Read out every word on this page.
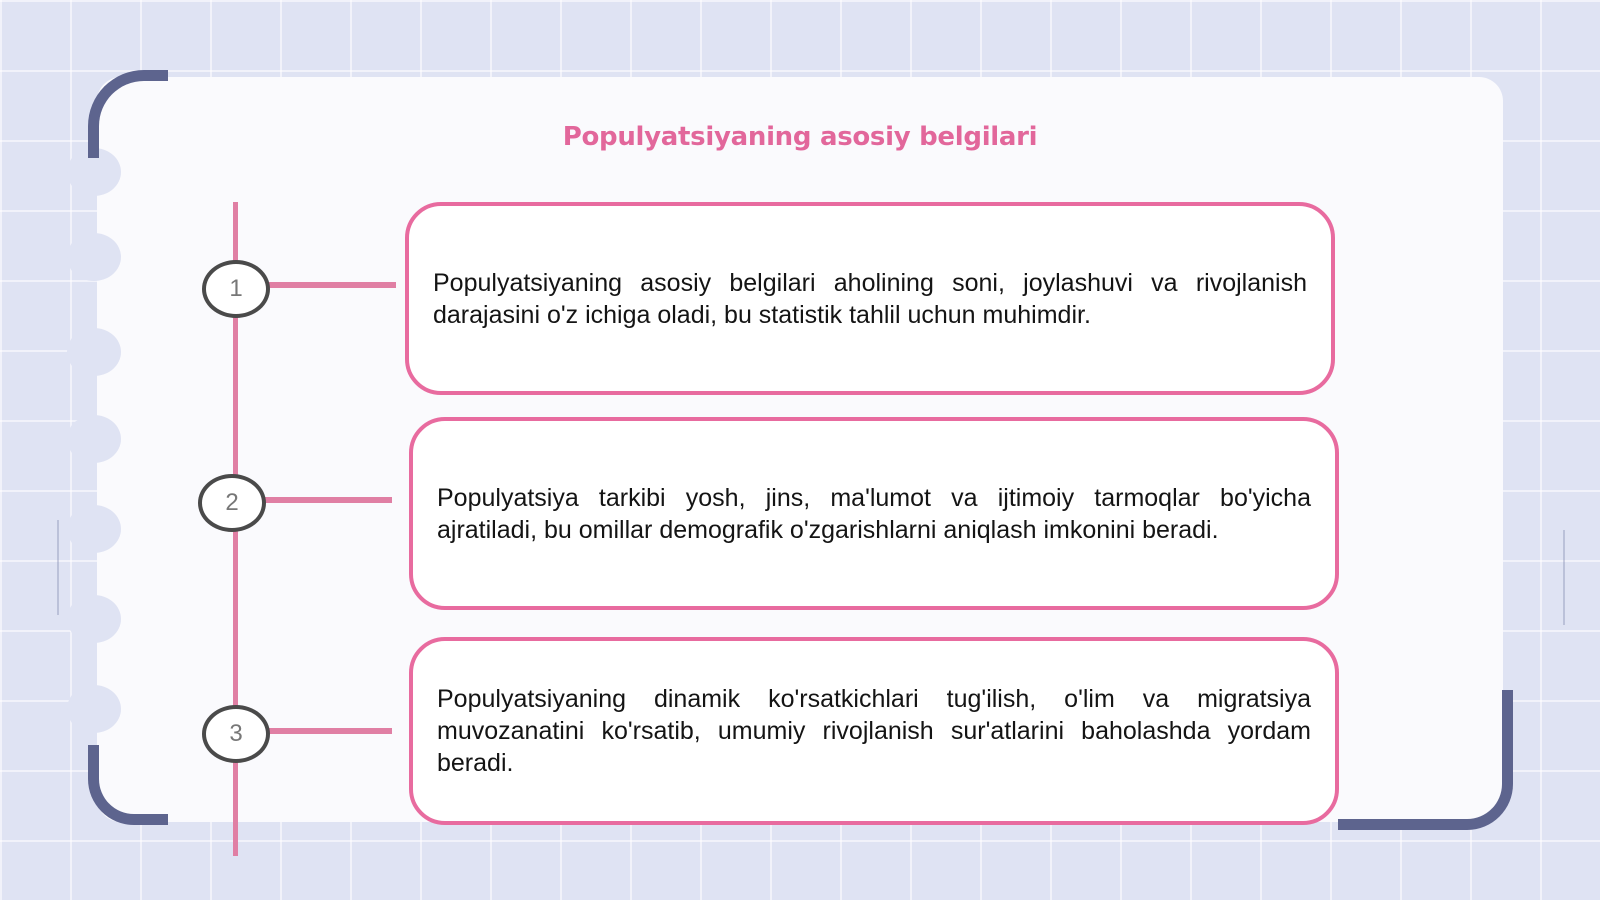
Populyatsiyaning asosiy belgilari
1	Populyatsiyaning asosiy belgilari aholining soni, joylashuvi va rivojlanish darajasini o'z ichiga oladi, bu statistik tahlil uchun muhimdir.
2	Populyatsiya tarkibi yosh, jins, ma'lumot va ijtimoiy tarmoqlar bo'yicha ajratiladi, bu omillar demografik o'zgarishlarni aniqlash imkonini beradi.
3
Populyatsiyaning dinamik ko'rsatkichlari tug'ilish, o'lim va migratsiya muvozanatini ko'rsatib, umumiy rivojlanish sur'atlarini baholashda yordam beradi.
